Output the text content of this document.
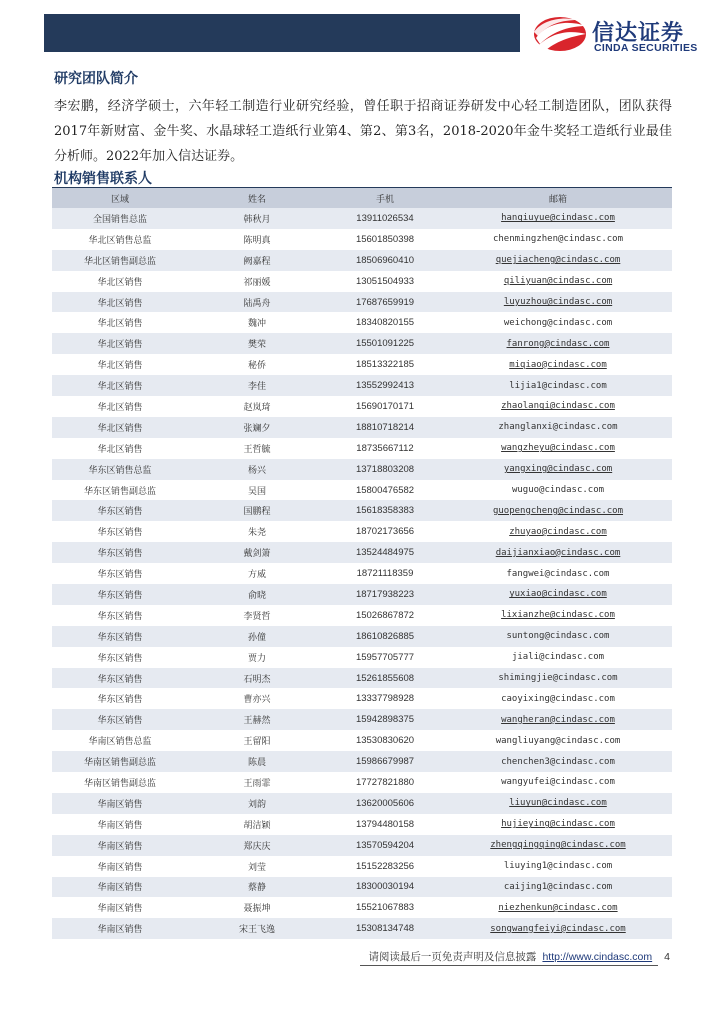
信达证券
CINDA SECURITIES
研究团队简介
李宏鹏，经济学硕士，六年轻工制造行业研究经验，曾任职于招商证券研发中心轻工制造团队，团队获得2017年新财富、金牛奖、水晶球轻工造纸行业第4、第2、第3名，2018-2020年金牛奖轻工造纸行业最佳分析师。2022年加入信达证券。
机构销售联系人
区域	姓名	手机	邮箱
全国销售总监	韩秋月	13911026534	hanqiuyue@cindasc.com
华北区销售总监	陈明真	15601850398	chenmingzhen@cindasc.com
华北区销售副总监	阙嘉程	18506960410	quejiacheng@cindasc.com
华北区销售	祁丽媛	13051504933	qiliyuan@cindasc.com
华北区销售	陆禹舟	17687659919	luyuzhou@cindasc.com
华北区销售	魏冲	18340820155	weichong@cindasc.com
华北区销售	樊荣	15501091225	fanrong@cindasc.com
华北区销售	秘侨	18513322185	miqiao@cindasc.com
华北区销售	李佳	13552992413	lijia1@cindasc.com
华北区销售	赵岚琦	15690170171	zhaolanqi@cindasc.com
华北区销售	张斓夕	18810718214	zhanglanxi@cindasc.com
华北区销售	王哲毓	18735667112	wangzheyu@cindasc.com
华东区销售总监	杨兴	13718803208	yangxing@cindasc.com
华东区销售副总监	吴国	15800476582	wuguo@cindasc.com
华东区销售	国鹏程	15618358383	guopengcheng@cindasc.com
华东区销售	朱尧	18702173656	zhuyao@cindasc.com
华东区销售	戴剑箫	13524484975	daijianxiao@cindasc.com
华东区销售	方威	18721118359	fangwei@cindasc.com
华东区销售	俞晓	18717938223	yuxiao@cindasc.com
华东区销售	李贤哲	15026867872	lixianzhe@cindasc.com
华东区销售	孙僮	18610826885	suntong@cindasc.com
华东区销售	贾力	15957705777	jiali@cindasc.com
华东区销售	石明杰	15261855608	shimingjie@cindasc.com
华东区销售	曹亦兴	13337798928	caoyixing@cindasc.com
华东区销售	王赫然	15942898375	wangheran@cindasc.com
华南区销售总监	王留阳	13530830620	wangliuyang@cindasc.com
华南区销售副总监	陈晨	15986679987	chenchen3@cindasc.com
华南区销售副总监	王雨霏	17727821880	wangyufei@cindasc.com
华南区销售	刘韵	13620005606	liuyun@cindasc.com
华南区销售	胡洁颖	13794480158	hujieying@cindasc.com
华南区销售	郑庆庆	13570594204	zhengqingqing@cindasc.com
华南区销售	刘莹	15152283256	liuying1@cindasc.com
华南区销售	蔡静	18300030194	caijing1@cindasc.com
华南区销售	聂振坤	15521067883	niezhenkun@cindasc.com
华南区销售	宋王飞逸	15308134748	songwangfeiyi@cindasc.com
请阅读最后一页免责声明及信息披露 http://www.cindasc.com 4
